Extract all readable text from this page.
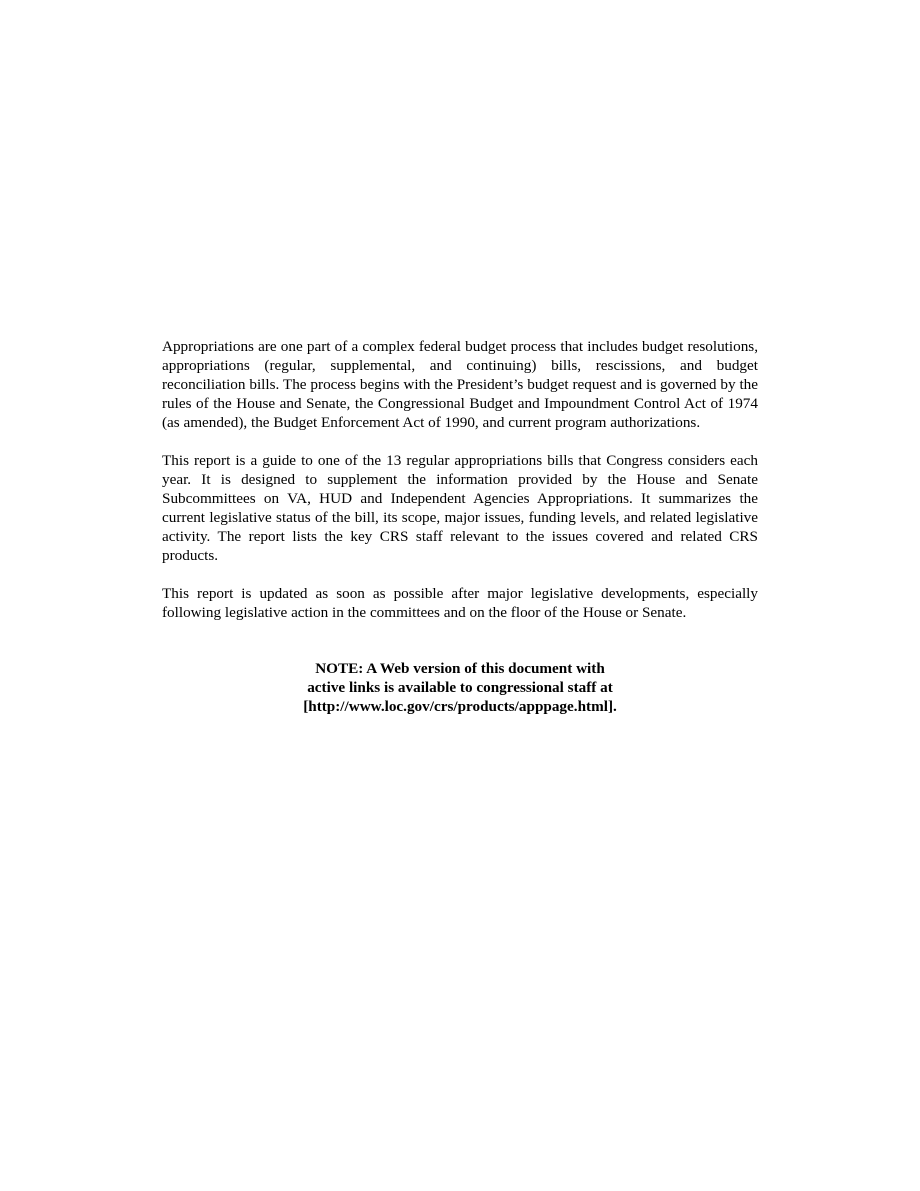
Appropriations are one part of a complex federal budget process that includes budget resolutions, appropriations (regular, supplemental, and continuing) bills, rescissions, and budget reconciliation bills. The process begins with the President’s budget request and is governed by the rules of the House and Senate, the Congressional Budget and Impoundment Control Act of 1974 (as amended), the Budget Enforcement Act of 1990, and current program authorizations.

This report is a guide to one of the 13 regular appropriations bills that Congress considers each year. It is designed to supplement the information provided by the House and Senate Subcommittees on VA, HUD and Independent Agencies Appropriations. It summarizes the current legislative status of the bill, its scope, major issues, funding levels, and related legislative activity. The report lists the key CRS staff relevant to the issues covered and related CRS products.

This report is updated as soon as possible after major legislative developments, especially following legislative action in the committees and on the floor of the House or Senate.

NOTE: A Web version of this document with
active links is available to congressional staff at
[http://www.loc.gov/crs/products/apppage.html].
